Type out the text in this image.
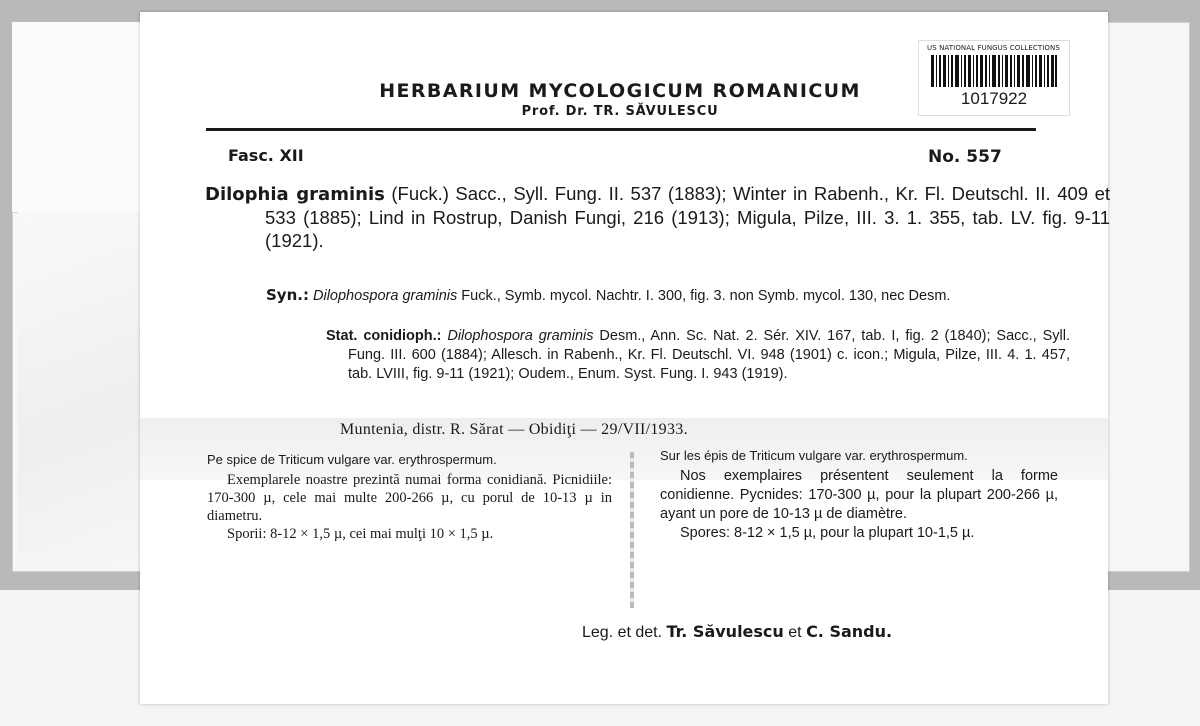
US NATIONAL FUNGUS COLLECTIONS
1017922
HERBARIUM MYCOLOGICUM ROMANICUM
Prof. Dr. TR. SĂVULESCU
Fasc. XII	No. 557
Dilophia graminis (Fuck.) Sacc., Syll. Fung. II. 537 (1883); Winter in Rabenh., Kr. Fl. Deutschl. II. 409 et 533 (1885); Lind in Rostrup, Danish Fungi, 216 (1913); Migula, Pilze, III. 3. 1. 355, tab. LV. fig. 9-11 (1921).
Syn.: Dilophospora graminis Fuck., Symb. mycol. Nachtr. I. 300, fig. 3. non Symb. mycol. 130, nec Desm.
Stat. conidioph.: Dilophospora graminis Desm., Ann. Sc. Nat. 2. Sér. XIV. 167, tab. I, fig. 2 (1840); Sacc., Syll. Fung. III. 600 (1884); Allesch. in Rabenh., Kr. Fl. Deutschl. VI. 948 (1901) c. icon.; Migula, Pilze, III. 4. 1. 457, tab. LVIII, fig. 9-11 (1921); Oudem., Enum. Syst. Fung. I. 943 (1919).
Muntenia, distr. R. Sărat — Obidiţi — 29/VII/1933.
Pe spice de Triticum vulgare var. erythrospermum.

Exemplarele noastre prezintă numai forma conidiană. Picnidiile: 170-300 µ, cele mai multe 200-266 µ, cu porul de 10-13 µ in diametru.

Sporii: 8-12 × 1,5 µ, cei mai mulţi 10 × 1,5 µ.

Sur les épis de Triticum vulgare var. erythrospermum.

Nos exemplaires présentent seulement la forme conidienne. Pycnides: 170-300 µ, pour la plupart 200-266 µ, ayant un pore de 10-13 µ de diamètre.

Spores: 8-12 × 1,5 µ, pour la plupart 10-1,5 µ.

Leg. et det. Tr. Săvulescu et C. Sandu.
